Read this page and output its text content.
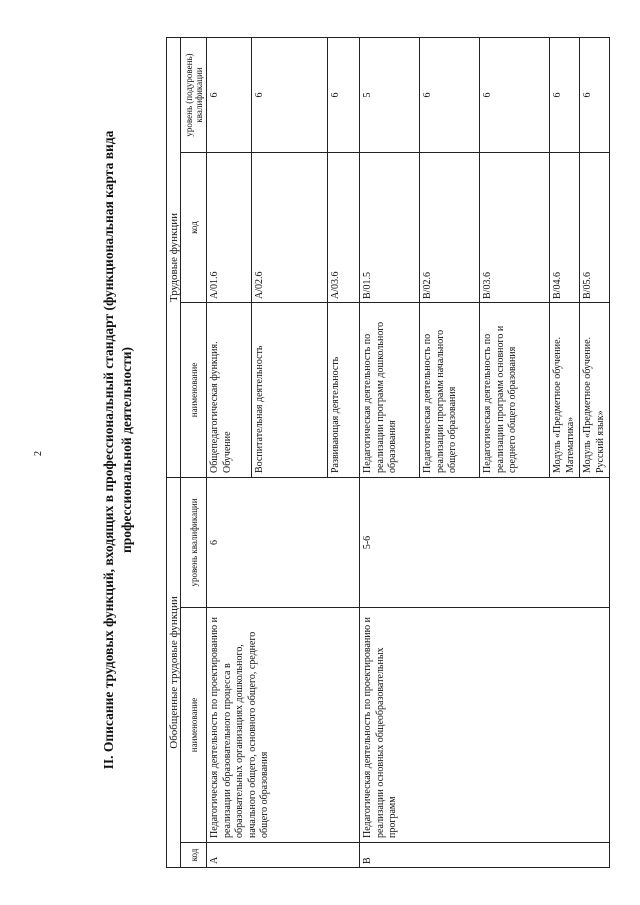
2	II. Описание трудовых функций, входящих в профессиональный стандарт (функциональная карта вида профессиональной деятельности)
Обобщенные трудовые функции			Трудовые функции		
код	наименование	уровень квалификации	наименование	код	уровень (подуровень) квалификации
A	Педагогическая деятельность по проектированию и реализации образовательного процесса в образовательных организациях дошкольного, начального общего, основного общего, среднего общего образования	6	Общепедагогическая функция. Обучение	A/01.6	6
			Воспитательная деятельность	A/02.6	6
			Развивающая деятельность	A/03.6	6
B	Педагогическая деятельность по проектированию и реализации основных общеобразовательных программ	5-6	Педагогическая деятельность по реализации программ дошкольного образования	B/01.5	5
			Педагогическая деятельность по реализации программ начального общего образования	B/02.6	6
			Педагогическая деятельность по реализации программ основного и среднего общего образования	B/03.6	6
			Модуль «Предметное обучение. Математика»	B/04.6	6
			Модуль «Предметное обучение. Русский язык»	B/05.6	6
